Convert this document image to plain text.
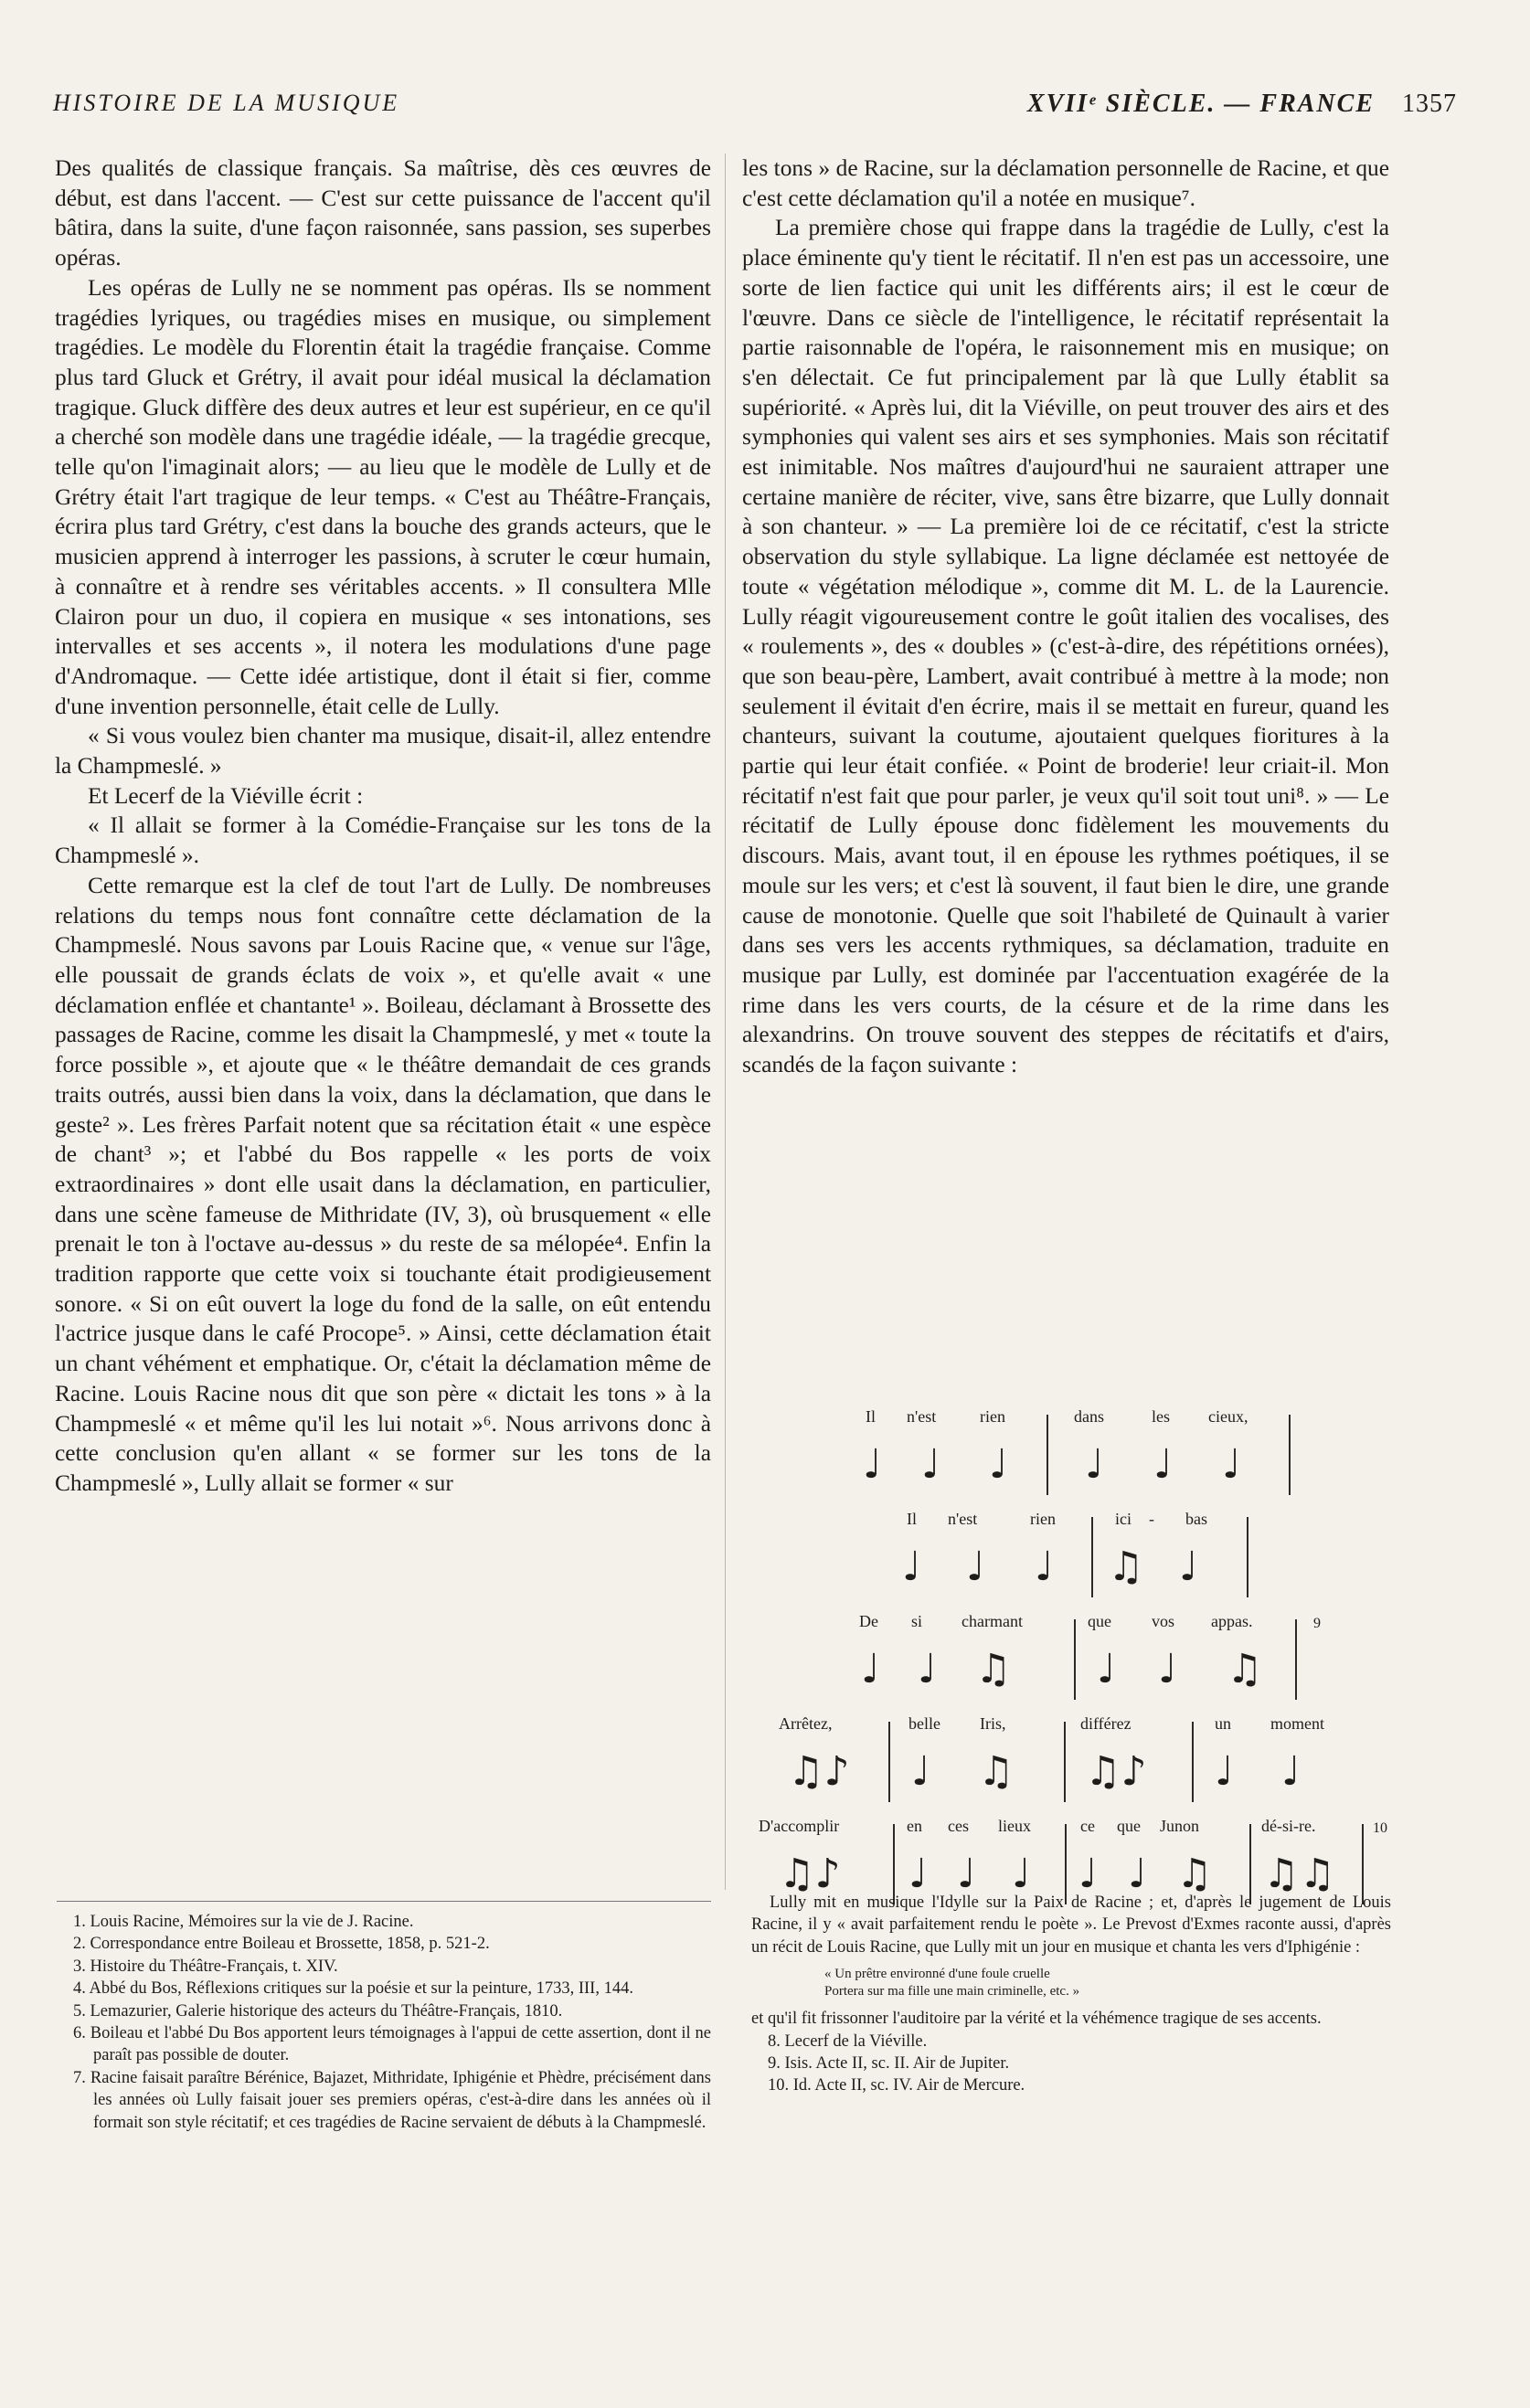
HISTOIRE DE LA MUSIQUE	XVIIᵉ SIÈCLE. — FRANCE 1357

Des qualités de classique français. Sa maîtrise, dès ces œuvres de début, est dans l'accent. — C'est sur cette puissance de l'accent qu'il bâtira, dans la suite, d'une façon raisonnée, sans passion, ses superbes opéras.

Les opéras de Lully ne se nomment pas opéras. Ils se nomment tragédies lyriques, ou tragédies mises en musique, ou simplement tragédies. Le modèle du Florentin était la tragédie française. Comme plus tard Gluck et Grétry, il avait pour idéal musical la déclamation tragique. Gluck diffère des deux autres et leur est supérieur, en ce qu'il a cherché son modèle dans une tragédie idéale, — la tragédie grecque, telle qu'on l'imaginait alors; — au lieu que le modèle de Lully et de Grétry était l'art tragique de leur temps. « C'est au Théâtre-Français, écrira plus tard Grétry, c'est dans la bouche des grands acteurs, que le musicien apprend à interroger les passions, à scruter le cœur humain, à connaître et à rendre ses véritables accents. » Il consultera Mlle Clairon pour un duo, il copiera en musique « ses intonations, ses intervalles et ses accents », il notera les modulations d'une page d'Andromaque. — Cette idée artistique, dont il était si fier, comme d'une invention personnelle, était celle de Lully.

« Si vous voulez bien chanter ma musique, disait-il, allez entendre la Champmeslé. »

Et Lecerf de la Viéville écrit :

« Il allait se former à la Comédie-Française sur les tons de la Champmeslé ».

Cette remarque est la clef de tout l'art de Lully. De nombreuses relations du temps nous font connaître cette déclamation de la Champmeslé. Nous savons par Louis Racine que, « venue sur l'âge, elle poussait de grands éclats de voix », et qu'elle avait « une déclamation enflée et chantante¹ ». Boileau, déclamant à Brossette des passages de Racine, comme les disait la Champmeslé, y met « toute la force possible », et ajoute que « le théâtre demandait de ces grands traits outrés, aussi bien dans la voix, dans la déclamation, que dans le geste² ». Les frères Parfait notent que sa récitation était « une espèce de chant³ »; et l'abbé du Bos rappelle « les ports de voix extraordinaires » dont elle usait dans la déclamation, en particulier, dans une scène fameuse de Mithridate (IV, 3), où brusquement « elle prenait le ton à l'octave au-dessus » du reste de sa mélopée⁴. Enfin la tradition rapporte que cette voix si touchante était prodigieusement sonore. « Si on eût ouvert la loge du fond de la salle, on eût entendu l'actrice jusque dans le café Procope⁵. » Ainsi, cette déclamation était un chant véhément et emphatique. Or, c'était la déclamation même de Racine. Louis Racine nous dit que son père « dictait les tons » à la Champmeslé « et même qu'il les lui notait »⁶. Nous arrivons donc à cette conclusion qu'en allant « se former sur les tons de la Champmeslé », Lully allait se former « sur

les tons » de Racine, sur la déclamation personnelle de Racine, et que c'est cette déclamation qu'il a notée en musique⁷.

La première chose qui frappe dans la tragédie de Lully, c'est la place éminente qu'y tient le récitatif. Il n'en est pas un accessoire, une sorte de lien factice qui unit les différents airs; il est le cœur de l'œuvre. Dans ce siècle de l'intelligence, le récitatif représentait la partie raisonnable de l'opéra, le raisonnement mis en musique; on s'en délectait. Ce fut principalement par là que Lully établit sa supériorité. « Après lui, dit la Viéville, on peut trouver des airs et des symphonies qui valent ses airs et ses symphonies. Mais son récitatif est inimitable. Nos maîtres d'aujourd'hui ne sauraient attraper une certaine manière de réciter, vive, sans être bizarre, que Lully donnait à son chanteur. » — La première loi de ce récitatif, c'est la stricte observation du style syllabique. La ligne déclamée est nettoyée de toute « végétation mélodique », comme dit M. L. de la Laurencie. Lully réagit vigoureusement contre le goût italien des vocalises, des « roulements », des « doubles » (c'est-à-dire, des répétitions ornées), que son beau-père, Lambert, avait contribué à mettre à la mode; non seulement il évitait d'en écrire, mais il se mettait en fureur, quand les chanteurs, suivant la coutume, ajoutaient quelques fioritures à la partie qui leur était confiée. « Point de broderie! leur criait-il. Mon récitatif n'est fait que pour parler, je veux qu'il soit tout uni⁸. » — Le récitatif de Lully épouse donc fidèlement les mouvements du discours. Mais, avant tout, il en épouse les rythmes poétiques, il se moule sur les vers; et c'est là souvent, il faut bien le dire, une grande cause de monotonie. Quelle que soit l'habileté de Quinault à varier dans ses vers les accents rythmiques, sa déclamation, traduite en musique par Lully, est dominée par l'accentuation exagérée de la rime dans les vers courts, de la césure et de la rime dans les alexandrins. On trouve souvent des steppes de récitatifs et d'airs, scandés de la façon suivante :

Il n'est	rien	dans	les cieux,
♩ ♩ ♩ ♩ ♩ ♩
Il n'est	rien	ici - bas
♩ ♩ ♩ ♫ ♩
De si charmant	que vos appas.	9
♩ ♩ ♫ ♩ ♩ ♫
Arrêtez,	belle Iris,	différez	un moment
♫♪ ♩ ♫ ♫♪ ♩ ♩
D'accomplir	en ces lieux	ce que Junon	dé-si-re.	10
♫♪ ♩ ♩ ♩ ♩ ♩ ♫ ♫♫

1. Louis Racine, Mémoires sur la vie de J. Racine.

2. Correspondance entre Boileau et Brossette, 1858, p. 521-2.

3. Histoire du Théâtre-Français, t. XIV.

4. Abbé du Bos, Réflexions critiques sur la poésie et sur la peinture, 1733, III, 144.

5. Lemazurier, Galerie historique des acteurs du Théâtre-Français, 1810.

6. Boileau et l'abbé Du Bos apportent leurs témoignages à l'appui de cette assertion, dont il ne paraît pas possible de douter.

7. Racine faisait paraître Bérénice, Bajazet, Mithridate, Iphigénie et Phèdre, précisément dans les années où Lully faisait jouer ses premiers opéras, c'est-à-dire dans les années où il formait son style récitatif; et ces tragédies de Racine servaient de débuts à la Champmeslé.

Lully mit en musique l'Idylle sur la Paix de Racine ; et, d'après le jugement de Louis Racine, il y « avait parfaitement rendu le poète ». Le Prevost d'Exmes raconte aussi, d'après un récit de Louis Racine, que Lully mit un jour en musique et chanta les vers d'Iphigénie :

« Un prêtre environné d'une foule cruelle
Portera sur ma fille une main criminelle, etc. »

et qu'il fit frissonner l'auditoire par la vérité et la véhémence tragique de ses accents.

8. Lecerf de la Viéville.

9. Isis. Acte II, sc. II. Air de Jupiter.

10. Id. Acte II, sc. IV. Air de Mercure.
